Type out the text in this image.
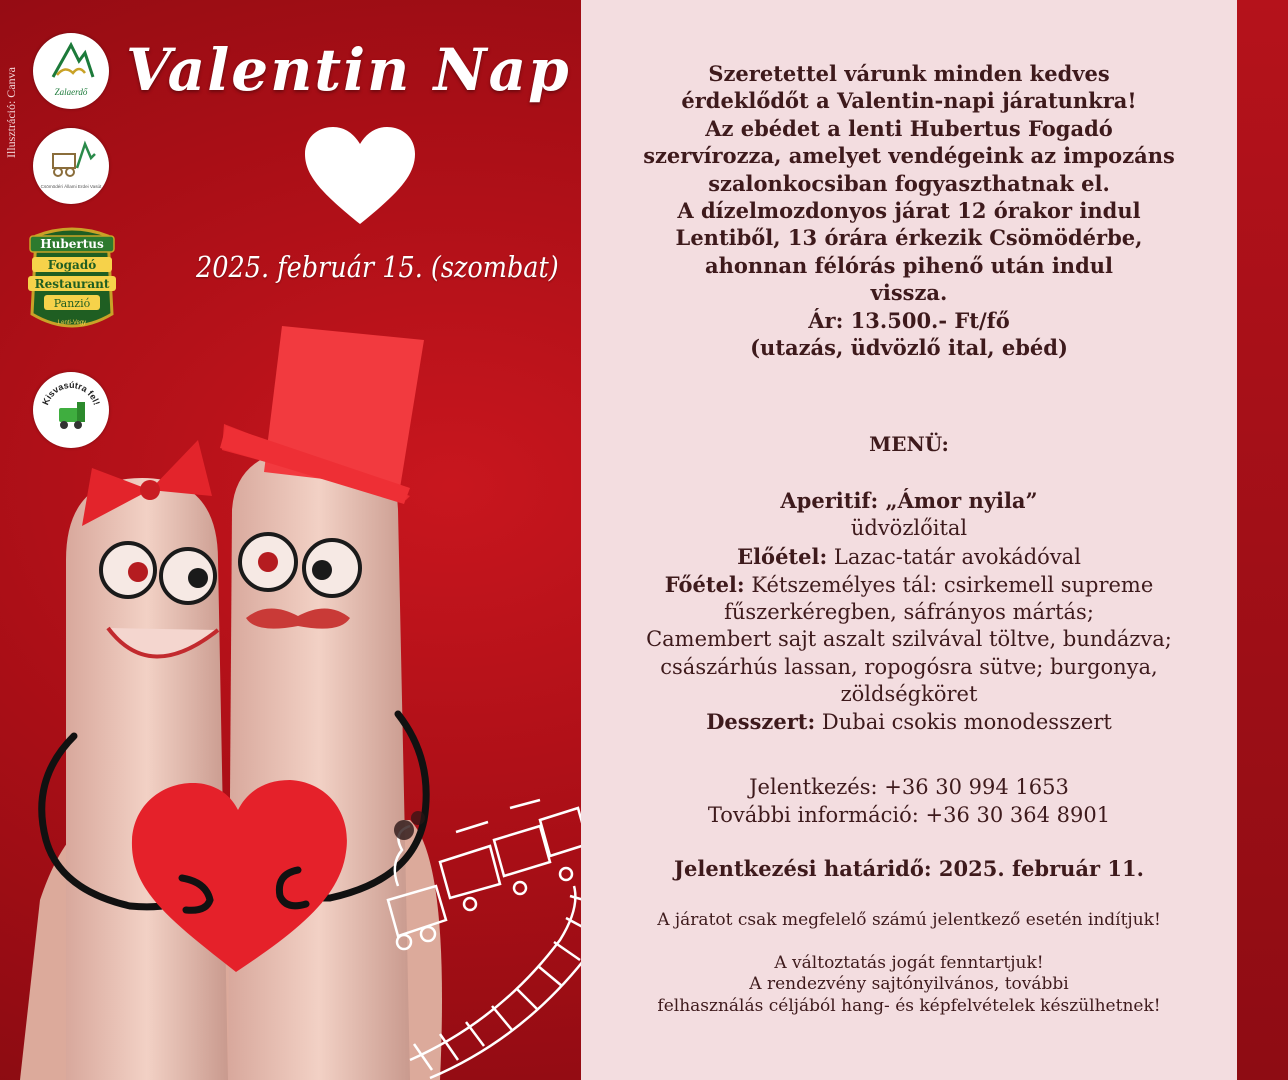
Illusztráció: Canva	Zalaerdő
Csömödéri Állami Erdei Vasút
Hubertus
Fogadó
Restaurant
Panzió
Lenti-Vegy
Kisvasútra fel!
Valentin Nap
2025. február 15. (szombat)
Szeretettel várunk minden kedves
érdeklődőt a Valentin-napi járatunkra!
Az ebédet a lenti Hubertus Fogadó
szervírozza, amelyet vendégeink az impozáns
szalonkocsiban fogyaszthatnak el.
A dízelmozdonyos járat 12 órakor indul
Lentiből, 13 órára érkezik Csömödérbe,
ahonnan félórás pihenő után indul
vissza.
Ár: 13.500.- Ft/fő
(utazás, üdvözlő ital, ebéd)
MENÜ:
Aperitif: „Ámor nyila”
üdvözlőital
Előétel: Lazac-tatár avokádóval
Főétel: Kétszemélyes tál: csirkemell supreme
fűszerkéregben, sáfrányos mártás;
Camembert sajt aszalt szilvával töltve, bundázva;
császárhús lassan, ropogósra sütve; burgonya,
zöldségköret
Desszert: Dubai csokis monodesszert
Jelentkezés: +36 30 994 1653
További információ: +36 30 364 8901
Jelentkezési határidő: 2025. február 11.
A járatot csak megfelelő számú jelentkező esetén indítjuk!
A változtatás jogát fenntartjuk!
A rendezvény sajtónyilvános, további
felhasználás céljából hang- és képfelvételek készülhetnek!
